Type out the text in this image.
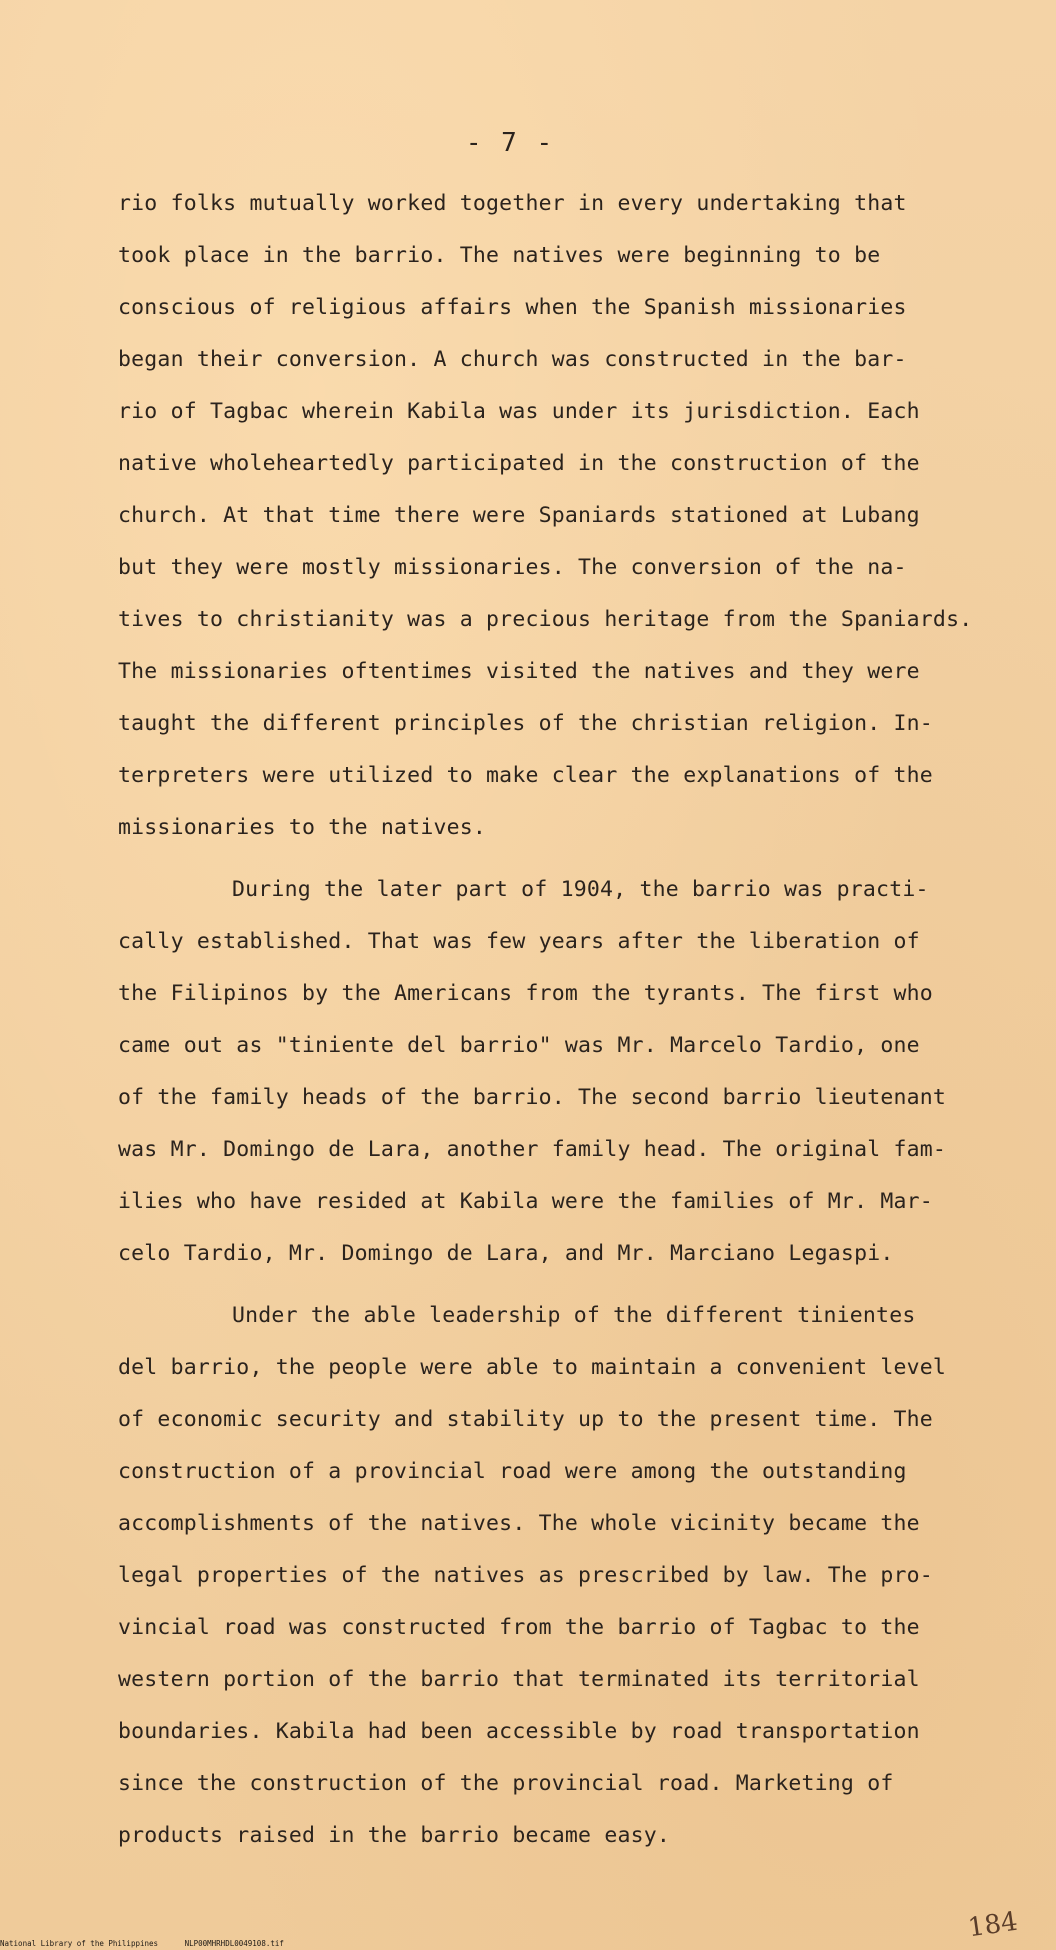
- 7 -
rio folks mutually worked together in every undertaking that
took place in the barrio. The natives were beginning to be
conscious of religious affairs when the Spanish missionaries
began their conversion. A church was constructed in the bar-
rio of Tagbac wherein Kabila was under its jurisdiction. Each
native wholeheartedly participated in the construction of the
church. At that time there were Spaniards stationed at Lubang
but they were mostly missionaries. The conversion of the na-
tives to christianity was a precious heritage from the Spaniards.
The missionaries oftentimes visited the natives and they were
taught the different principles of the christian religion. In-
terpreters were utilized to make clear the explanations of the
missionaries to the natives.
During the later part of 1904, the barrio was practi-
cally established. That was few years after the liberation of
the Filipinos by the Americans from the tyrants. The first who
came out as "tiniente del barrio" was Mr. Marcelo Tardio, one
of the family heads of the barrio. The second barrio lieutenant
was Mr. Domingo de Lara, another family head. The original fam-
ilies who have resided at Kabila were the families of Mr. Mar-
celo Tardio, Mr. Domingo de Lara, and Mr. Marciano Legaspi.
Under the able leadership of the different tinientes
del barrio, the people were able to maintain a convenient level
of economic security and stability up to the present time. The
construction of a provincial road were among the outstanding
accomplishments of the natives. The whole vicinity became the
legal properties of the natives as prescribed by law. The pro-
vincial road was constructed from the barrio of Tagbac to the
western portion of the barrio that terminated its territorial
boundaries. Kabila had been accessible by road transportation
since the construction of the provincial road. Marketing of
products raised in the barrio became easy.
National Library of the Philippines	NLP00MHRHDL0049108.tif
184
